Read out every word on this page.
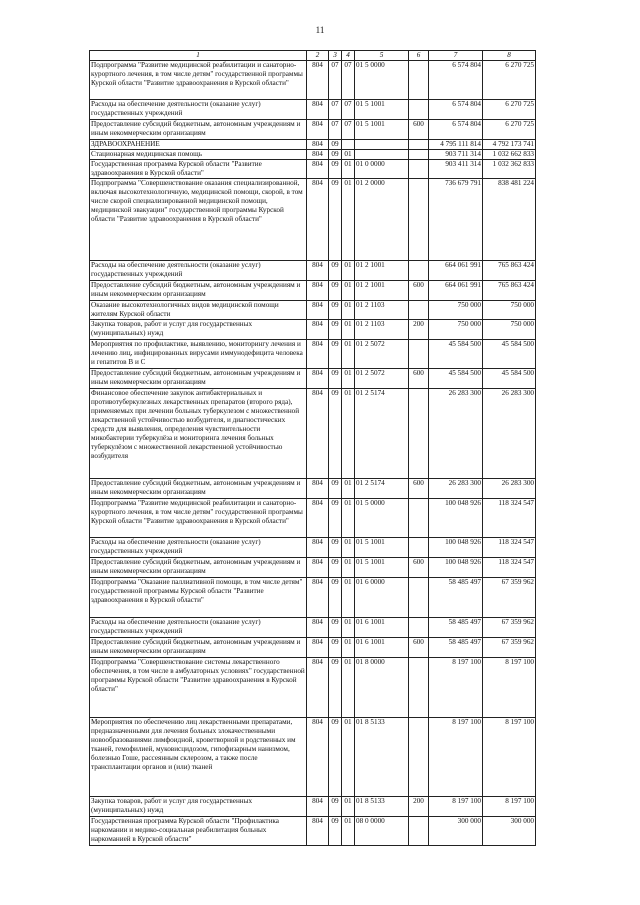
11
1	2	3	4	5	6	7	8
Подпрограмма "Развитие медицинской реабилитации и санаторно-курортного лечения, в том числе детям" государственной программы Курской области "Развитие здравоохранения в Курской области"	804	07	07	01 5 0000		6 574 804	6 270 725
Расходы на обеспечение деятельности (оказание услуг) государственных учреждений	804	07	07	01 5 1001		6 574 804	6 270 725
Предоставление субсидий бюджетным, автономным учреждениям и иным некоммерческим организациям	804	07	07	01 5 1001	600	6 574 804	6 270 725
ЗДРАВООХРАНЕНИЕ	804	09				4 795 111 814	4 792 173 741
Стационарная медицинская помощь	804	09	01			903 711 314	1 032 662 833
Государственная программа Курской области "Развитие здравоохранения в Курской области"	804	09	01	01 0 0000		903 411 314	1 032 362 833
Подпрограмма "Совершенствование оказания специализированной, включая высокотехнологичную, медицинской помощи, скорой, в том числе скорой специализированной медицинской помощи, медицинской эвакуации" государственной программы Курской области "Развитие здравоохранения в Курской области"	804	09	01	01 2 0000		736 679 791	838 481 224
Расходы на обеспечение деятельности (оказание услуг) государственных учреждений	804	09	01	01 2 1001		664 061 991	765 863 424
Предоставление субсидий бюджетным, автономным учреждениям и иным некоммерческим организациям	804	09	01	01 2 1001	600	664 061 991	765 863 424
Оказание высокотехнологичных видов медицинской помощи жителям Курской области	804	09	01	01 2 1103		750 000	750 000
Закупка товаров, работ и услуг для государственных (муниципальных) нужд	804	09	01	01 2 1103	200	750 000	750 000
Мероприятия по профилактике, выявлению, мониторингу лечения и лечению лиц, инфицированных вирусами иммунодефицита человека и гепатитов B и C	804	09	01	01 2 5072		45 584 500	45 584 500
Предоставление субсидий бюджетным, автономным учреждениям и иным некоммерческим организациям	804	09	01	01 2 5072	600	45 584 500	45 584 500
Финансовое обеспечение закупок антибактериальных и противотуберкулезных лекарственных препаратов (второго ряда), применяемых при лечении больных туберкулезом с множественной лекарственной устойчивостью возбудителя, и диагностических средств для выявления, определения чувствительности микобактерии туберкулёза и мониторинга лечения больных туберкулёзом с множественной лекарственной устойчивостью возбудителя	804	09	01	01 2 5174		26 283 300	26 283 300
Предоставление субсидий бюджетным, автономным учреждениям и иным некоммерческим организациям	804	09	01	01 2 5174	600	26 283 300	26 283 300
Подпрограмма "Развитие медицинской реабилитации и санаторно-курортного лечения, в том числе детям" государственной программы Курской области "Развитие здравоохранения в Курской области"	804	09	01	01 5 0000		100 048 926	118 324 547
Расходы на обеспечение деятельности (оказание услуг) государственных учреждений	804	09	01	01 5 1001		100 048 926	118 324 547
Предоставление субсидий бюджетным, автономным учреждениям и иным некоммерческим организациям	804	09	01	01 5 1001	600	100 048 926	118 324 547
Подпрограмма "Оказание паллиативной помощи, в том числе детям" государственной программы Курской области "Развитие здравоохранения в Курской области"	804	09	01	01 6 0000		58 485 497	67 359 962
Расходы на обеспечение деятельности (оказание услуг) государственных учреждений	804	09	01	01 6 1001		58 485 497	67 359 962
Предоставление субсидий бюджетным, автономным учреждениям и иным некоммерческим организациям	804	09	01	01 6 1001	600	58 485 497	67 359 962
Подпрограмма "Совершенствование системы лекарственного обеспечения, в том числе в амбулаторных условиях" государственной программы Курской области "Развитие здравоохранения в Курской области"	804	09	01	01 8 0000		8 197 100	8 197 100
Мероприятия по обеспечению лиц лекарственными препаратами, предназначенными для лечения больных злокачественными новообразованиями лимфоидной, кроветворной и родственных им тканей, гемофилией, муковисцидозом, гипофизарным нанизмом, болезнью Гоше, рассеянным склерозом, а также после трансплантации органов и (или) тканей	804	09	01	01 8 5133		8 197 100	8 197 100
Закупка товаров, работ и услуг для государственных (муниципальных) нужд	804	09	01	01 8 5133	200	8 197 100	8 197 100
Государственная программа Курской области "Профилактика наркомании и медико-социальная реабилитация больных наркоманией в Курской области"	804	09	01	08 0 0000		300 000	300 000
